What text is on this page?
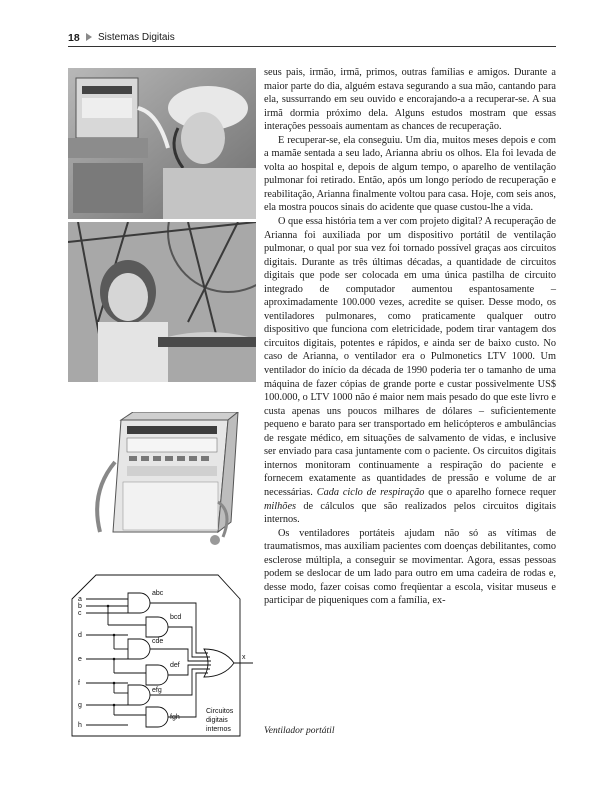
18 Sistemas Digitais

seus pais, irmão, irmã, primos, outras famílias e amigos. Durante a maior parte do dia, alguém estava segurando a sua mão, cantando para ela, sussurrando em seu ouvido e encorajando-a a recuperar-se. A sua irmã dormia próximo dela. Alguns estudos mostram que essas interações pessoais aumentam as chances de recuperação.

E recuperar-se, ela conseguiu. Um dia, muitos meses depois e com a mamãe sentada a seu lado, Arianna abriu os olhos. Ela foi levada de volta ao hospital e, depois de algum tempo, o aparelho de ventilação pulmonar foi retirado. Então, após um longo período de recuperação e reabilitação, Arianna finalmente voltou para casa. Hoje, com seis anos, ela mostra poucos sinais do acidente que quase custou-lhe a vida.

O que essa história tem a ver com projeto digital? A recuperação de Arianna foi auxiliada por um dispositivo portátil de ventilação pulmonar, o qual por sua vez foi tornado possível graças aos circuitos digitais. Durante as três últimas décadas, a quantidade de circuitos digitais que pode ser colocada em uma única pastilha de circuito integrado de computador aumentou espantosamente – aproximadamente 100.000 vezes, acredite se quiser. Desse modo, os ventiladores pulmonares, como praticamente qualquer outro dispositivo que funciona com eletricidade, podem tirar vantagem dos circuitos digitais, potentes e rápidos, e ainda ser de baixo custo. No caso de Arianna, o ventilador era o Pulmonetics LTV 1000. Um ventilador do início da década de 1990 poderia ter o tamanho de uma máquina de fazer cópias de grande porte e custar possivelmente US$ 100.000, o LTV 1000 não é maior nem mais pesado do que este livro e custa apenas uns poucos milhares de dólares – suficientemente pequeno e barato para ser transportado em helicópteros e ambulâncias de resgate médico, em situações de salvamento de vidas, e inclusive ser enviado para casa juntamente com o paciente. Os circuitos digitais internos monitoram continuamente a respiração do paciente e fornecem exatamente as quantidades de pressão e volume de ar necessárias. Cada ciclo de respiração que o aparelho fornece requer milhões de cálculos que são realizados pelos circuitos digitais internos.

Os ventiladores portáteis ajudam não só as vítimas de traumatismos, mas auxiliam pacientes com doenças debilitantes, como esclerose múltipla, a conseguir se movimentar. Agora, essas pessoas podem se deslocar de um lado para outro em uma cadeira de rodas e, desse modo, fazer coisas como freqüentar a escola, visitar museus e participar de piqueniques com a família, ex-

a
b
c
d
e
f
g
h
abc
bcd
cde
def
efg
fgh
x
Circuitos
digitais
internos	Ventilador portátil
